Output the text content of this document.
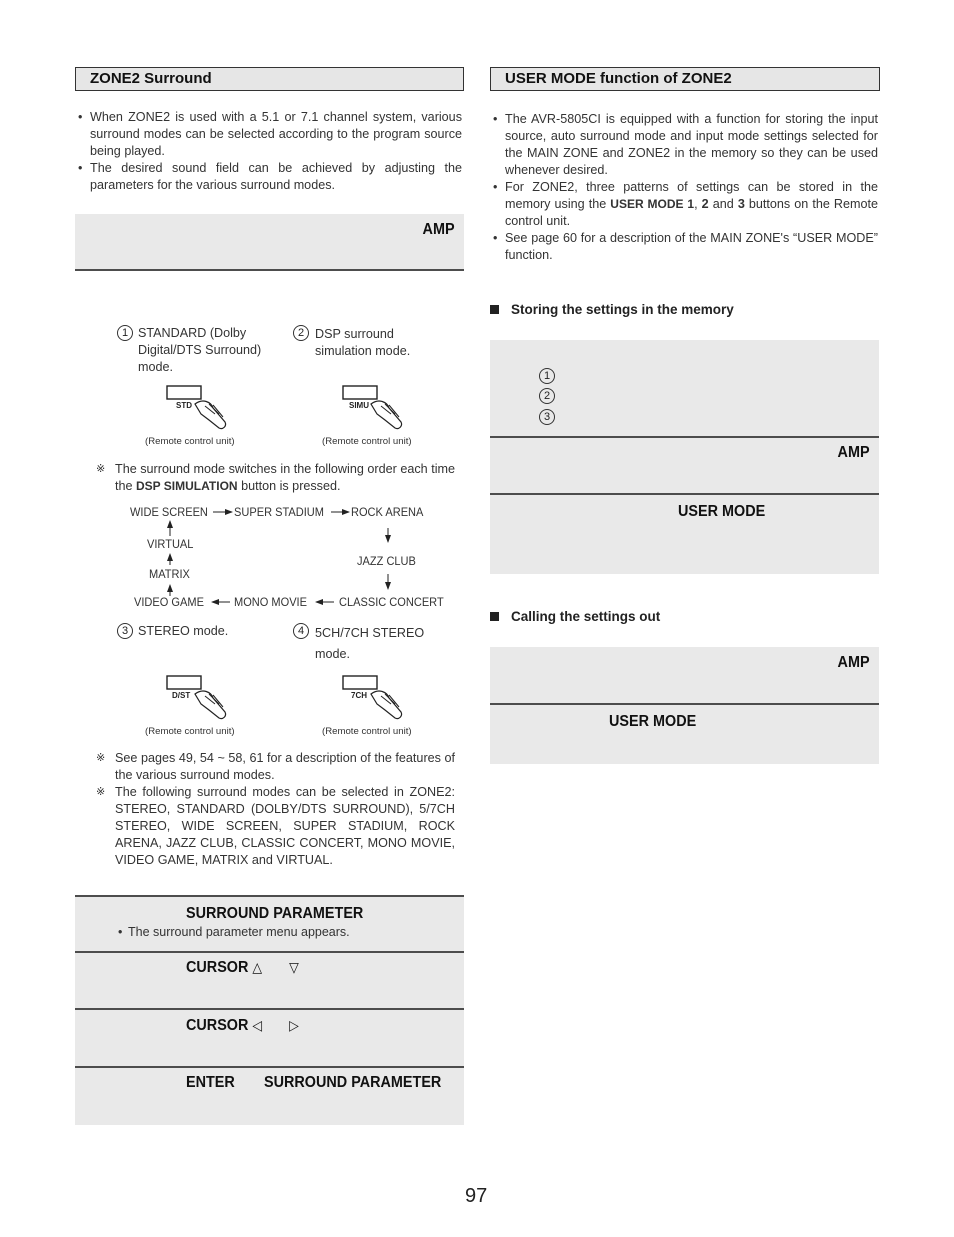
ZONE2 Surround

• When ZONE2 is used with a 5.1 or 7.1 channel system, various surround modes can be selected according to the program source being played.

• The desired sound field can be achieved by adjusting the parameters for the various surround modes.

AMP
1 STANDARD (Dolby Digital/DTS Surround) mode.
2 DSP surround simulation mode.
STD	SIMU
(Remote control unit)	(Remote control unit)

※ The surround mode switches in the following order each time the DSP SIMULATION button is pressed.

WIDE SCREEN SUPER STADIUM ROCK ARENA
JAZZ CLUB
CLASSIC CONCERT
MONO MOVIE
VIDEO GAME
MATRIX
VIRTUAL
3 STEREO mode.	4 5CH/7CH STEREO mode.
D/ST	7CH
(Remote control unit)	(Remote control unit)

※ See pages 49, 54 ~ 58, 61 for a description of the features of the various surround modes.

※ The following surround modes can be selected in ZONE2: STEREO, STANDARD (DOLBY/DTS SURROUND), 5/7CH STEREO, WIDE SCREEN, SUPER STADIUM, ROCK ARENA, JAZZ CLUB, CLASSIC CONCERT, MONO MOVIE, VIDEO GAME, MATRIX and VIRTUAL.

SURROUND PARAMETER

• The surround parameter menu appears.

CURSOR △ ▽
CURSOR ◁ ▷
ENTER SURROUND PARAMETER
USER MODE function of ZONE2

• The AVR-5805CI is equipped with a function for storing the input source, auto surround mode and input mode settings selected for the MAIN ZONE and ZONE2 in the memory so they can be used whenever desired.

• For ZONE2, three patterns of settings can be stored in the memory using the USER MODE 1, 2 and 3 buttons on the Remote control unit.

• See page 60 for a description of the MAIN ZONE's “USER MODE” function.

Storing the settings in the memory
1
2
3
AMP
USER MODE
Calling the settings out
AMP
USER MODE
97
